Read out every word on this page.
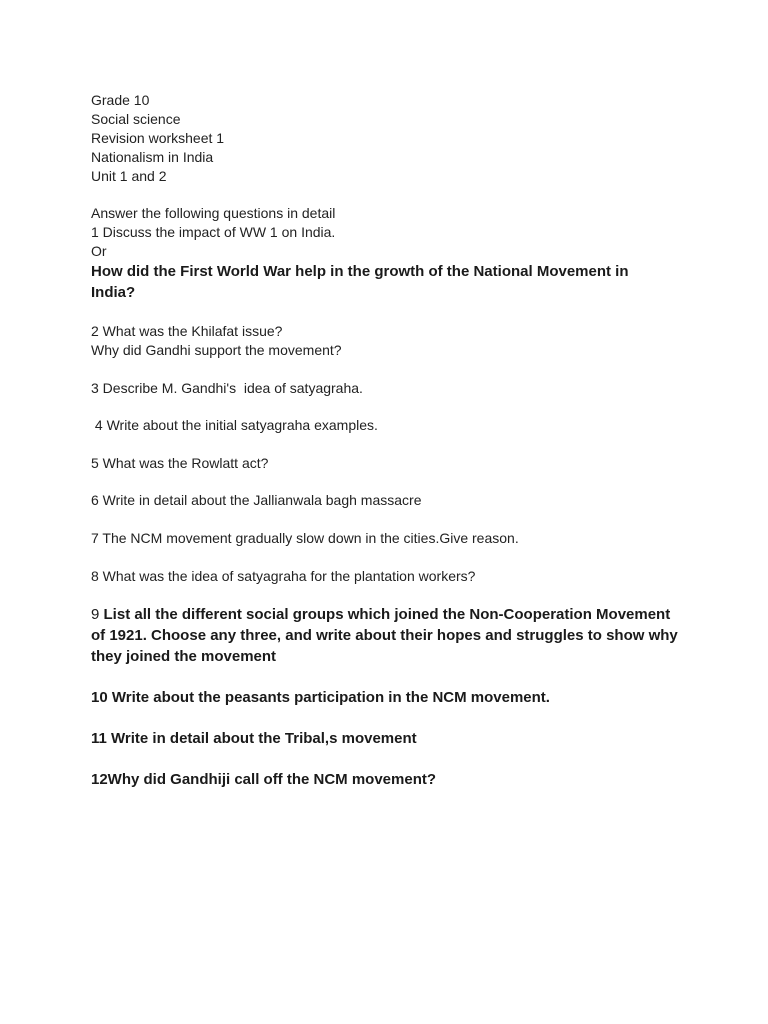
Grade 10
Social science
Revision worksheet 1
Nationalism in India
Unit 1 and 2
Answer the following questions in detail
1 Discuss the impact of WW 1 on India.
Or
How did the First World War help in the growth of the National Movement in India?
2 What was the Khilafat issue?
Why did Gandhi support the movement?
3 Describe M. Gandhi's  idea of satyagraha.
4 Write about the initial satyagraha examples.
5 What was the Rowlatt act?
6 Write in detail about the Jallianwala bagh massacre
7 The NCM movement gradually slow down in the cities.Give reason.
8 What was the idea of satyagraha for the plantation workers?
9 List all the different social groups which joined the Non-Cooperation Movement of 1921. Choose any three, and write about their hopes and struggles to show why they joined the movement
10 Write about the peasants participation in the NCM movement.
11 Write in detail about the Tribal,s movement
12Why did Gandhiji call off the NCM movement?
